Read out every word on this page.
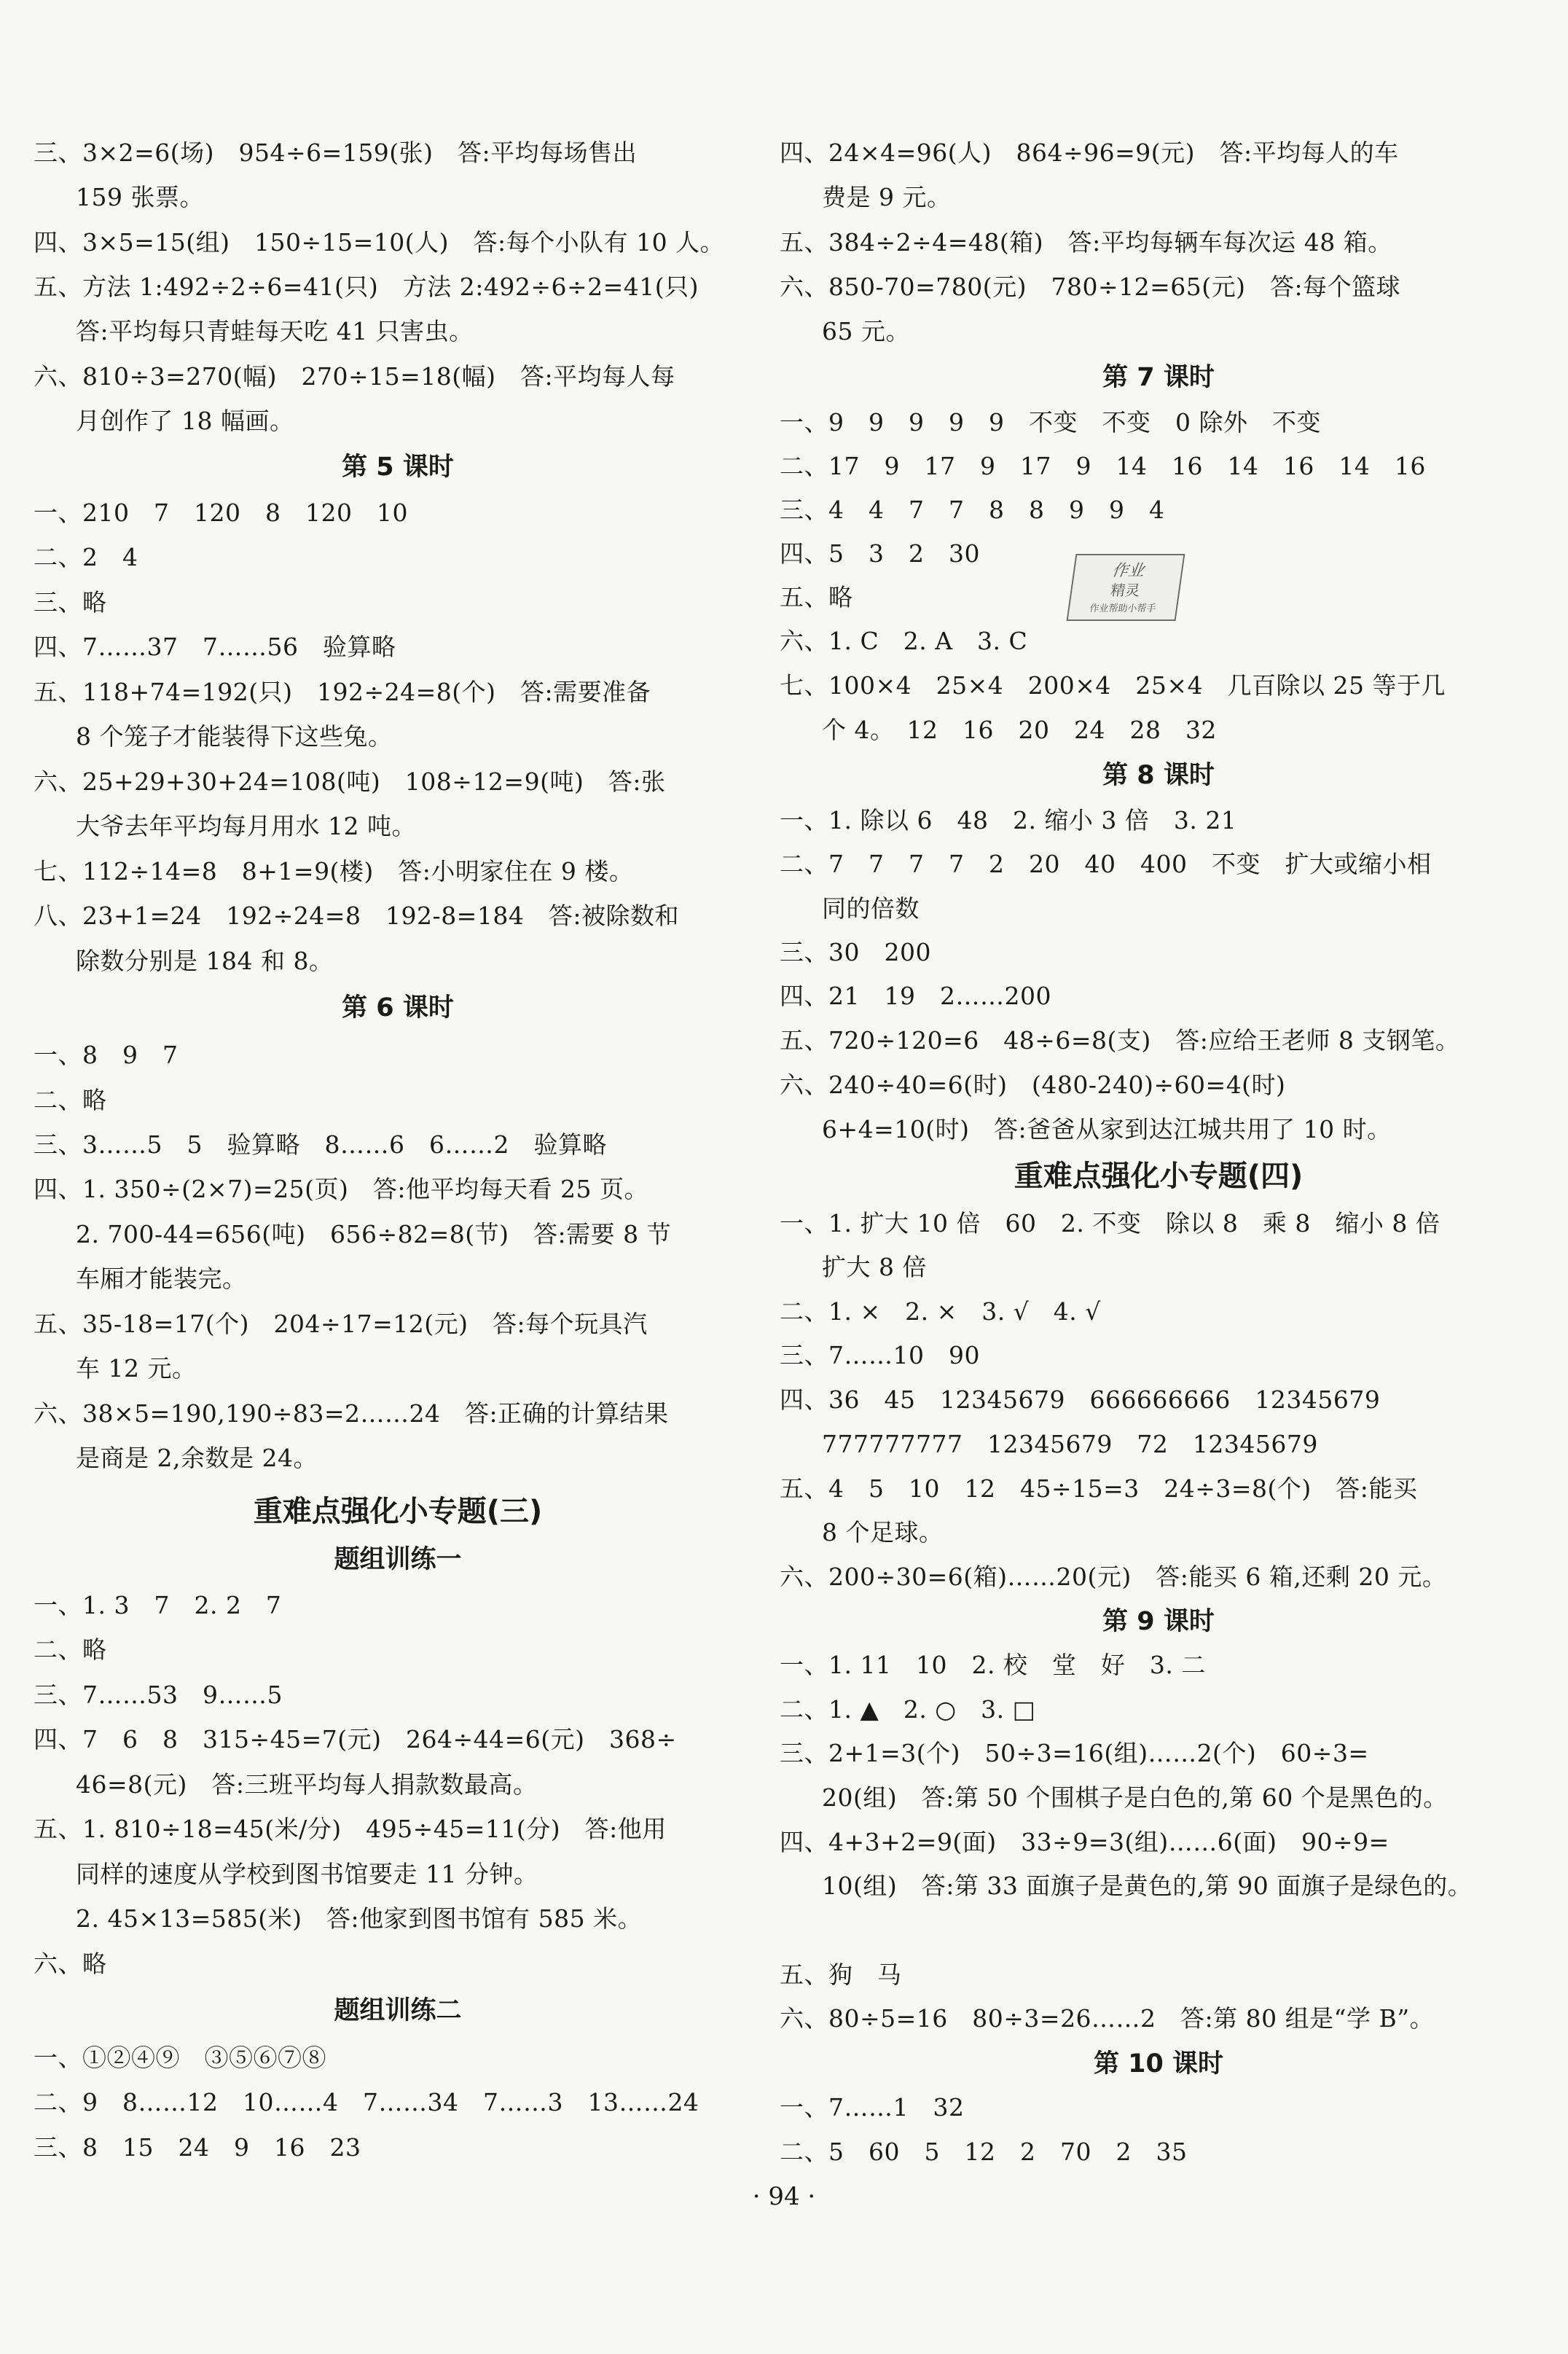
三、3×2=6(场)　954÷6=159(张)　答:平均每场售出
159 张票。
四、3×5=15(组)　150÷15=10(人)　答:每个小队有 10 人。
五、方法 1:492÷2÷6=41(只)　方法 2:492÷6÷2=41(只)
答:平均每只青蛙每天吃 41 只害虫。
六、810÷3=270(幅)　270÷15=18(幅)　答:平均每人每
月创作了 18 幅画。
第 5 课时
一、210　7　120　8　120　10
二、2　4
三、略
四、7……37　7……56　验算略
五、118+74=192(只)　192÷24=8(个)　答:需要准备
8 个笼子才能装得下这些兔。
六、25+29+30+24=108(吨)　108÷12=9(吨)　答:张
大爷去年平均每月用水 12 吨。
七、112÷14=8　8+1=9(楼)　答:小明家住在 9 楼。
八、23+1=24　192÷24=8　192-8=184　答:被除数和
除数分别是 184 和 8。
第 6 课时
一、8　9　7
二、略
三、3……5　5　验算略　8……6　6……2　验算略
四、1. 350÷(2×7)=25(页)　答:他平均每天看 25 页。
2. 700-44=656(吨)　656÷82=8(节)　答:需要 8 节
车厢才能装完。
五、35-18=17(个)　204÷17=12(元)　答:每个玩具汽
车 12 元。
六、38×5=190,190÷83=2……24　答:正确的计算结果
是商是 2,余数是 24。
重难点强化小专题(三)
题组训练一
一、1. 3　7　2. 2　7
二、略
三、7……53　9……5
四、7　6　8　315÷45=7(元)　264÷44=6(元)　368÷
46=8(元)　答:三班平均每人捐款数最高。
五、1. 810÷18=45(米/分)　495÷45=11(分)　答:他用
同样的速度从学校到图书馆要走 11 分钟。
2. 45×13=585(米)　答:他家到图书馆有 585 米。
六、略
题组训练二
一、①②④⑨　③⑤⑥⑦⑧
二、9　8……12　10……4　7……34　7……3　13……24
三、8　15　24　9　16　23
四、24×4=96(人)　864÷96=9(元)　答:平均每人的车
费是 9 元。
五、384÷2÷4=48(箱)　答:平均每辆车每次运 48 箱。
六、850-70=780(元)　780÷12=65(元)　答:每个篮球
65 元。
第 7 课时
一、9　9　9　9　9　不变　不变　0 除外　不变
二、17　9　17　9　17　9　14　16　14　16　14　16
三、4　4　7　7　8　8　9　9　4
四、5　3　2　30
五、略
六、1. C　2. A　3. C
七、100×4　25×4　200×4　25×4　几百除以 25 等于几
个 4。　12　16　20　24　28　32
第 8 课时
一、1. 除以 6　48　2. 缩小 3 倍　3. 21
二、7　7　7　7　2　20　40　400　不变　扩大或缩小相
同的倍数
三、30　200
四、21　19　2……200
五、720÷120=6　48÷6=8(支)　答:应给王老师 8 支钢笔。
六、240÷40=6(时)　(480-240)÷60=4(时)
6+4=10(时)　答:爸爸从家到达江城共用了 10 时。
重难点强化小专题(四)
一、1. 扩大 10 倍　60　2. 不变　除以 8　乘 8　缩小 8 倍
扩大 8 倍
二、1. ×　2. ×　3. √　4. √
三、7……10　90
四、36　45　12345679　666666666　12345679
777777777　12345679　72　12345679
五、4　5　10　12　45÷15=3　24÷3=8(个)　答:能买
8 个足球。
六、200÷30=6(箱)……20(元)　答:能买 6 箱,还剩 20 元。
第 9 课时
一、1. 11　10　2. 校　堂　好　3. 二
二、1. ▲　2. ○　3. □
三、2+1=3(个)　50÷3=16(组)……2(个)　60÷3=
20(组)　答:第 50 个围棋子是白色的,第 60 个是黑色的。
四、4+3+2=9(面)　33÷9=3(组)……6(面)　90÷9=
10(组)　答:第 33 面旗子是黄色的,第 90 面旗子是绿色的。
五、狗　马
六、80÷5=16　80÷3=26……2　答:第 80 组是“学 B”。
第 10 课时
一、7……1　32
二、5　60　5　12　2　70　2　35
作业
精灵
作业帮助小帮手
· 94 ·
